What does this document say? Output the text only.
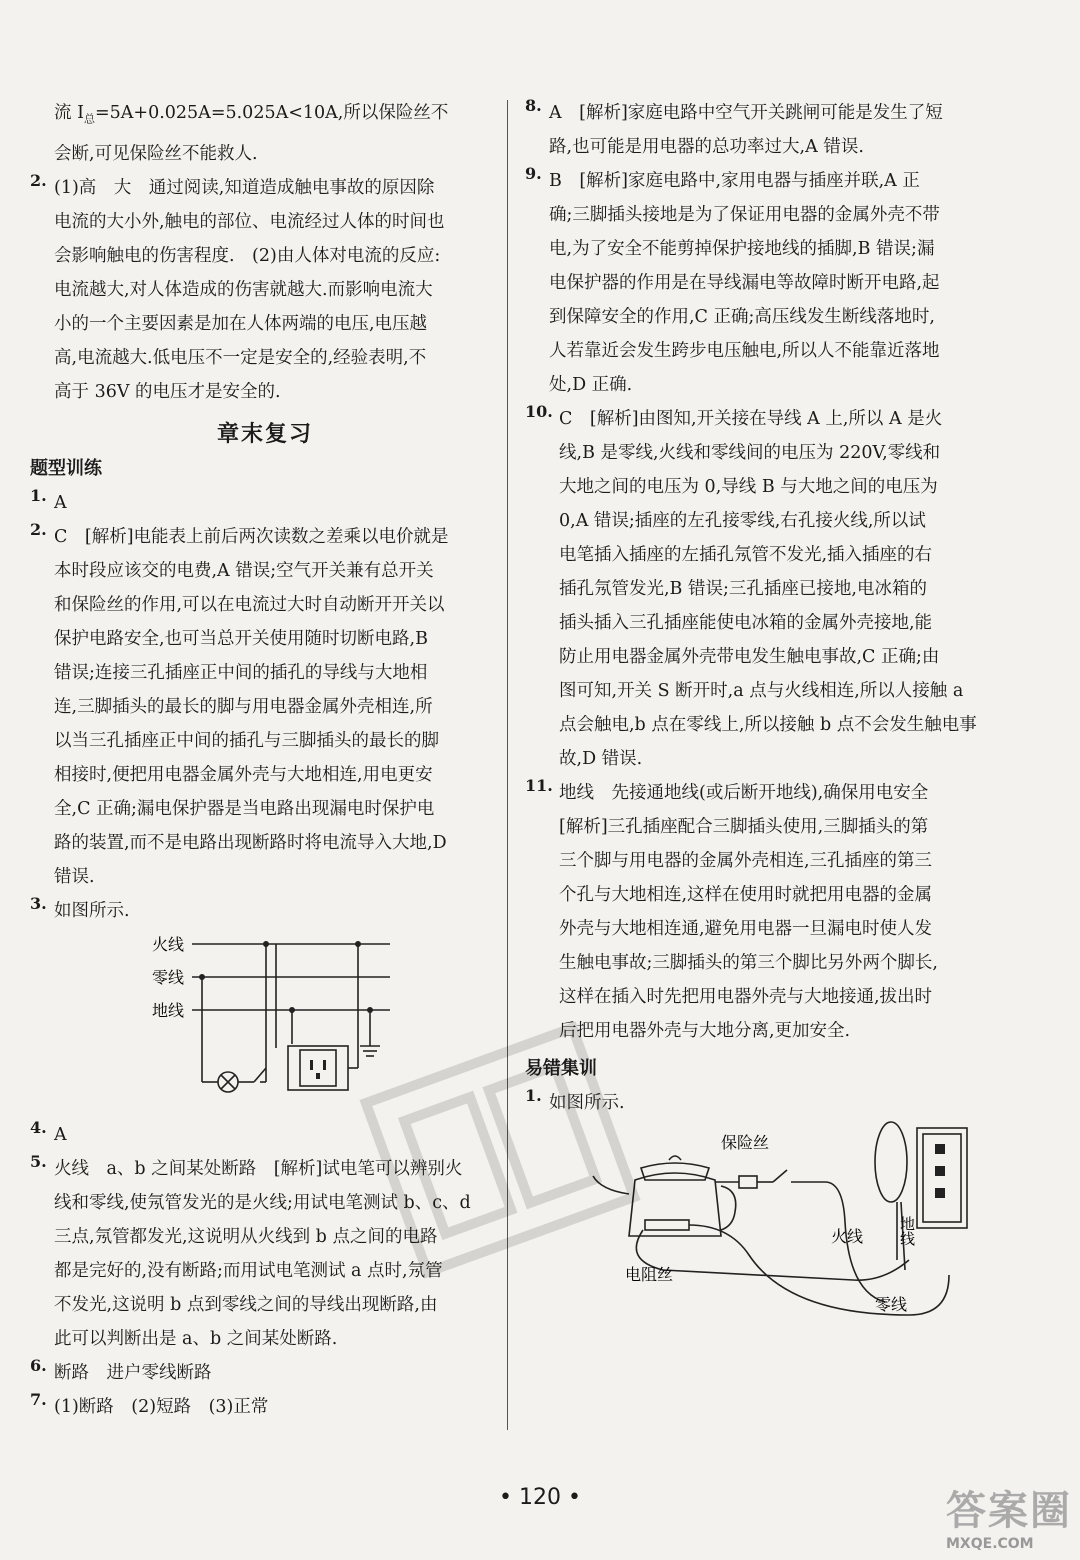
流 $I_总=5A+0.025A=5.025A<10A$,所以保险丝不

会断,可见保险丝不能救人.

2. (1)高　大　通过阅读,知道造成触电事故的原因除

电流的大小外,触电的部位、电流经过人体的时间也

会影响触电的伤害程度.　(2)由人体对电流的反应:

电流越大,对人体造成的伤害就越大.而影响电流大

小的一个主要因素是加在人体两端的电压,电压越

高,电流越大.低电压不一定是安全的,经验表明,不

高于 36V 的电压才是安全的.

章末复习
题型训练
1. A

2. C　[解析]电能表上前后两次读数之差乘以电价就是

本时段应该交的电费,A 错误;空气开关兼有总开关

和保险丝的作用,可以在电流过大时自动断开开关以

保护电路安全,也可当总开关使用随时切断电路,B

错误;连接三孔插座正中间的插孔的导线与大地相

连,三脚插头的最长的脚与用电器金属外壳相连,所

以当三孔插座正中间的插孔与三脚插头的最长的脚

相接时,便把用电器金属外壳与大地相连,用电更安

全,C 正确;漏电保护器是当电路出现漏电时保护电

路的装置,而不是电路出现断路时将电流导入大地,D

错误.

3. 如图所示.

火线
零线
地线
4. A

5. 火线　a、b 之间某处断路　[解析]试电笔可以辨别火

线和零线,使氖管发光的是火线;用试电笔测试 b、c、d

三点,氖管都发光,这说明从火线到 b 点之间的电路

都是完好的,没有断路;而用试电笔测试 a 点时,氖管

不发光,这说明 b 点到零线之间的导线出现断路,由

此可以判断出是 a、b 之间某处断路.

6. 断路　进户零线断路

7. (1)断路　(2)短路　(3)正常

8. A　[解析]家庭电路中空气开关跳闸可能是发生了短

路,也可能是用电器的总功率过大,A 错误.

9. B　[解析]家庭电路中,家用电器与插座并联,A 正

确;三脚插头接地是为了保证用电器的金属外壳不带

电,为了安全不能剪掉保护接地线的插脚,B 错误;漏

电保护器的作用是在导线漏电等故障时断开电路,起

到保障安全的作用,C 正确;高压线发生断线落地时,

人若靠近会发生跨步电压触电,所以人不能靠近落地

处,D 正确.

10. C　[解析]由图知,开关接在导线 A 上,所以 A 是火

线,B 是零线,火线和零线间的电压为 220V,零线和

大地之间的电压为 0,导线 B 与大地之间的电压为

0,A 错误;插座的左孔接零线,右孔接火线,所以试

电笔插入插座的左插孔氖管不发光,插入插座的右

插孔氖管发光,B 错误;三孔插座已接地,电冰箱的

插头插入三孔插座能使电冰箱的金属外壳接地,能

防止用电器金属外壳带电发生触电事故,C 正确;由

图可知,开关 S 断开时,a 点与火线相连,所以人接触 a

点会触电,b 点在零线上,所以接触 b 点不会发生触电事

故,D 错误.

11. 地线　先接通地线(或后断开地线),确保用电安全

[解析]三孔插座配合三脚插头使用,三脚插头的第

三个脚与用电器的金属外壳相连,三孔插座的第三

个孔与大地相连,这样在使用时就把用电器的金属

外壳与大地相连通,避免用电器一旦漏电时使人发

生触电事故;三脚插头的第三个脚比另外两个脚长,

这样在插入时先把用电器外壳与大地接通,拔出时

后把用电器外壳与大地分离,更加安全.

易错集训
1. 如图所示.

保险丝
火线
零线
电阻丝
地线
• 120 •	答案圈
MXQE.COM
